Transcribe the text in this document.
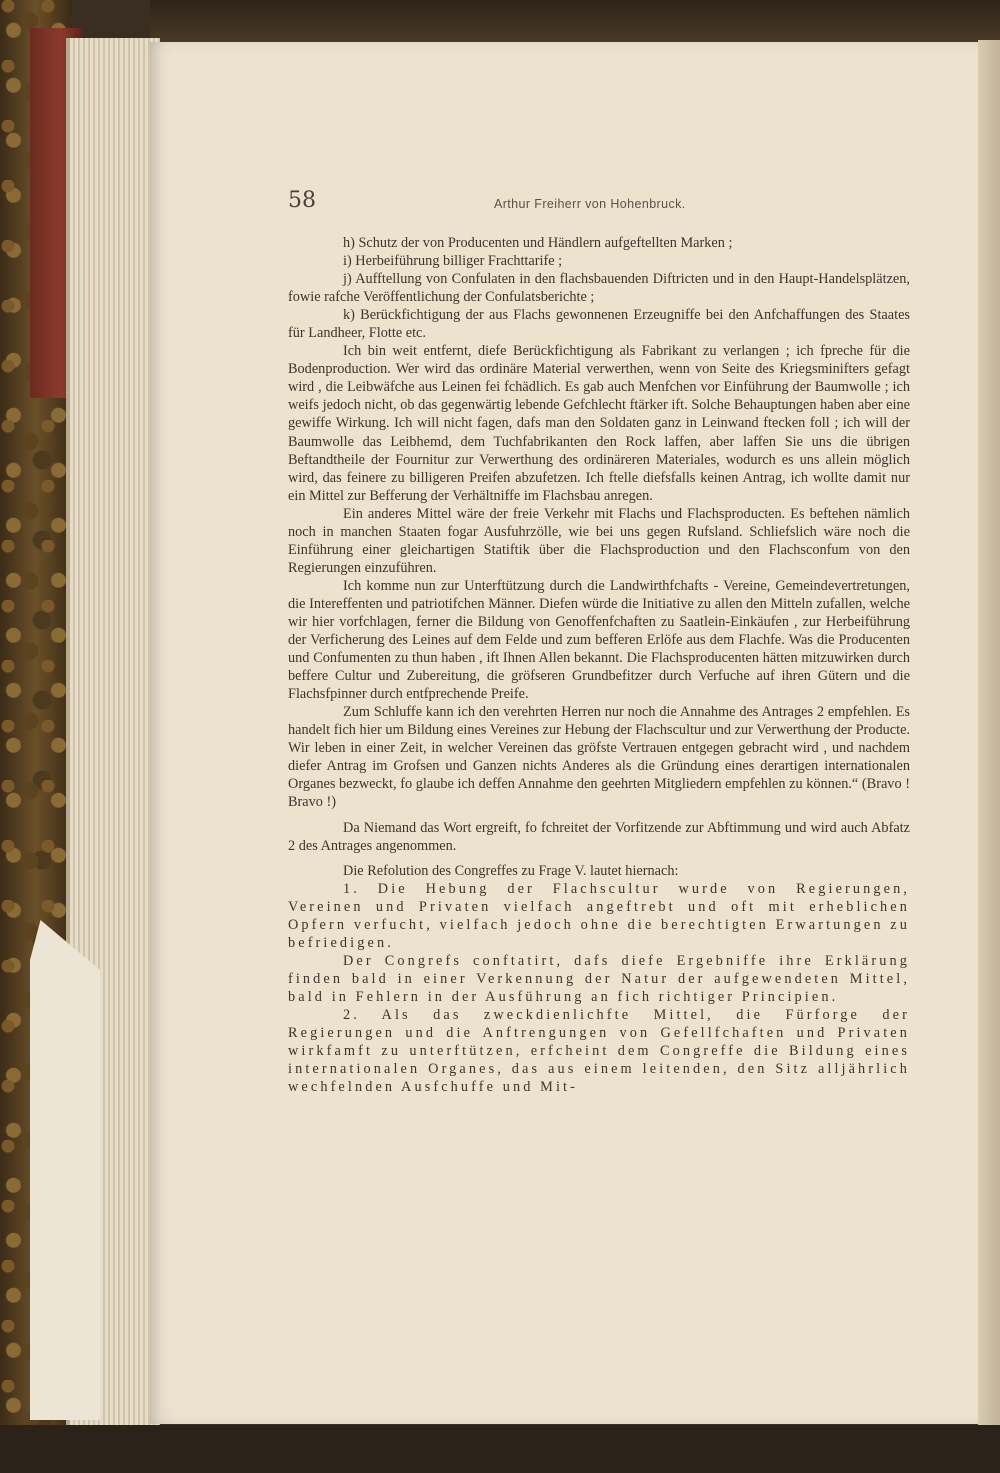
58	Arthur Freiherr von Hohenbruck.

h) Schutz der von Producenten und Händlern aufgeftellten Marken ;

i) Herbeiführung billiger Frachttarife ;

j) Aufftellung von Confulaten in den flachsbauenden Diftricten und in den Haupt-Handelsplätzen, fowie rafche Veröffentlichung der Confulatsberichte ;

k) Berückfichtigung der aus Flachs gewonnenen Erzeugniffe bei den Anfchaffungen des Staates für Landheer, Flotte etc.

Ich bin weit entfernt, diefe Berückfichtigung als Fabrikant zu verlangen ; ich fpreche für die Bodenproduction. Wer wird das ordinäre Material verwerthen, wenn von Seite des Kriegsminifters gefagt wird , die Leibwäfche aus Leinen fei fchädlich. Es gab auch Menfchen vor Einführung der Baumwolle ; ich weifs jedoch nicht, ob das gegenwärtig lebende Gefchlecht ftärker ift. Solche Behauptungen haben aber eine gewiffe Wirkung. Ich will nicht fagen, dafs man den Soldaten ganz in Leinwand ftecken foll ; ich will der Baumwolle das Leibhemd, dem Tuchfabrikanten den Rock laffen, aber laffen Sie uns die übrigen Beftandtheile der Fournitur zur Verwerthung des ordinäreren Materiales, wodurch es uns allein möglich wird, das feinere zu billigeren Preifen abzufetzen. Ich ftelle diefsfalls keinen Antrag, ich wollte damit nur ein Mittel zur Befferung der Verhältniffe im Flachsbau anregen.

Ein anderes Mittel wäre der freie Verkehr mit Flachs und Flachsproducten. Es beftehen nämlich noch in manchen Staaten fogar Ausfuhrzölle, wie bei uns gegen Rufsland. Schliefslich wäre noch die Einführung einer gleichartigen Statiftik über die Flachsproduction und den Flachsconfum von den Regierungen einzuführen.

Ich komme nun zur Unterftützung durch die Landwirthfchafts - Vereine, Gemeindevertretungen, die Intereffenten und patriotifchen Männer. Diefen würde die Initiative zu allen den Mitteln zufallen, welche wir hier vorfchlagen, ferner die Bildung von Genoffenfchaften zu Saatlein-Einkäufen , zur Herbeiführung der Verficherung des Leines auf dem Felde und zum befferen Erlöfe aus dem Flachfe. Was die Producenten und Confumenten zu thun haben , ift Ihnen Allen bekannt. Die Flachsproducenten hätten mitzuwirken durch beffere Cultur und Zubereitung, die gröfseren Grundbefitzer durch Verfuche auf ihren Gütern und die Flachsfpinner durch entfprechende Preife.

Zum Schluffe kann ich den verehrten Herren nur noch die Annahme des Antrages 2 empfehlen. Es handelt fich hier um Bildung eines Vereines zur Hebung der Flachscultur und zur Verwerthung der Producte. Wir leben in einer Zeit, in welcher Vereinen das gröfste Vertrauen entgegen gebracht wird , und nachdem diefer Antrag im Grofsen und Ganzen nichts Anderes als die Gründung eines derartigen internationalen Organes bezweckt, fo glaube ich deffen Annahme den geehrten Mitgliedern empfehlen zu können.“ (Bravo ! Bravo !)

Da Niemand das Wort ergreift, fo fchreitet der Vorfitzende zur Abftimmung und wird auch Abfatz 2 des Antrages angenommen.

Die Refolution des Congreffes zu Frage V. lautet hiernach:

1. Die Hebung der Flachscultur wurde von Regierungen, Vereinen und Privaten vielfach angeftrebt und oft mit erheblichen Opfern verfucht, vielfach jedoch ohne die berechtigten Erwartungen zu befriedigen.

Der Congrefs conftatirt, dafs diefe Ergebniffe ihre Erklärung finden bald in einer Verkennung der Natur der aufgewendeten Mittel, bald in Fehlern in der Ausführung an fich richtiger Principien.

2. Als das zweckdienlichfte Mittel, die Fürforge der Regierungen und die Anftrengungen von Gefellfchaften und Privaten wirkfamft zu unterftützen, erfcheint dem Congreffe die Bildung eines internationalen Organes, das aus einem leitenden, den Sitz alljährlich wechfelnden Ausfchuffe und Mit-
